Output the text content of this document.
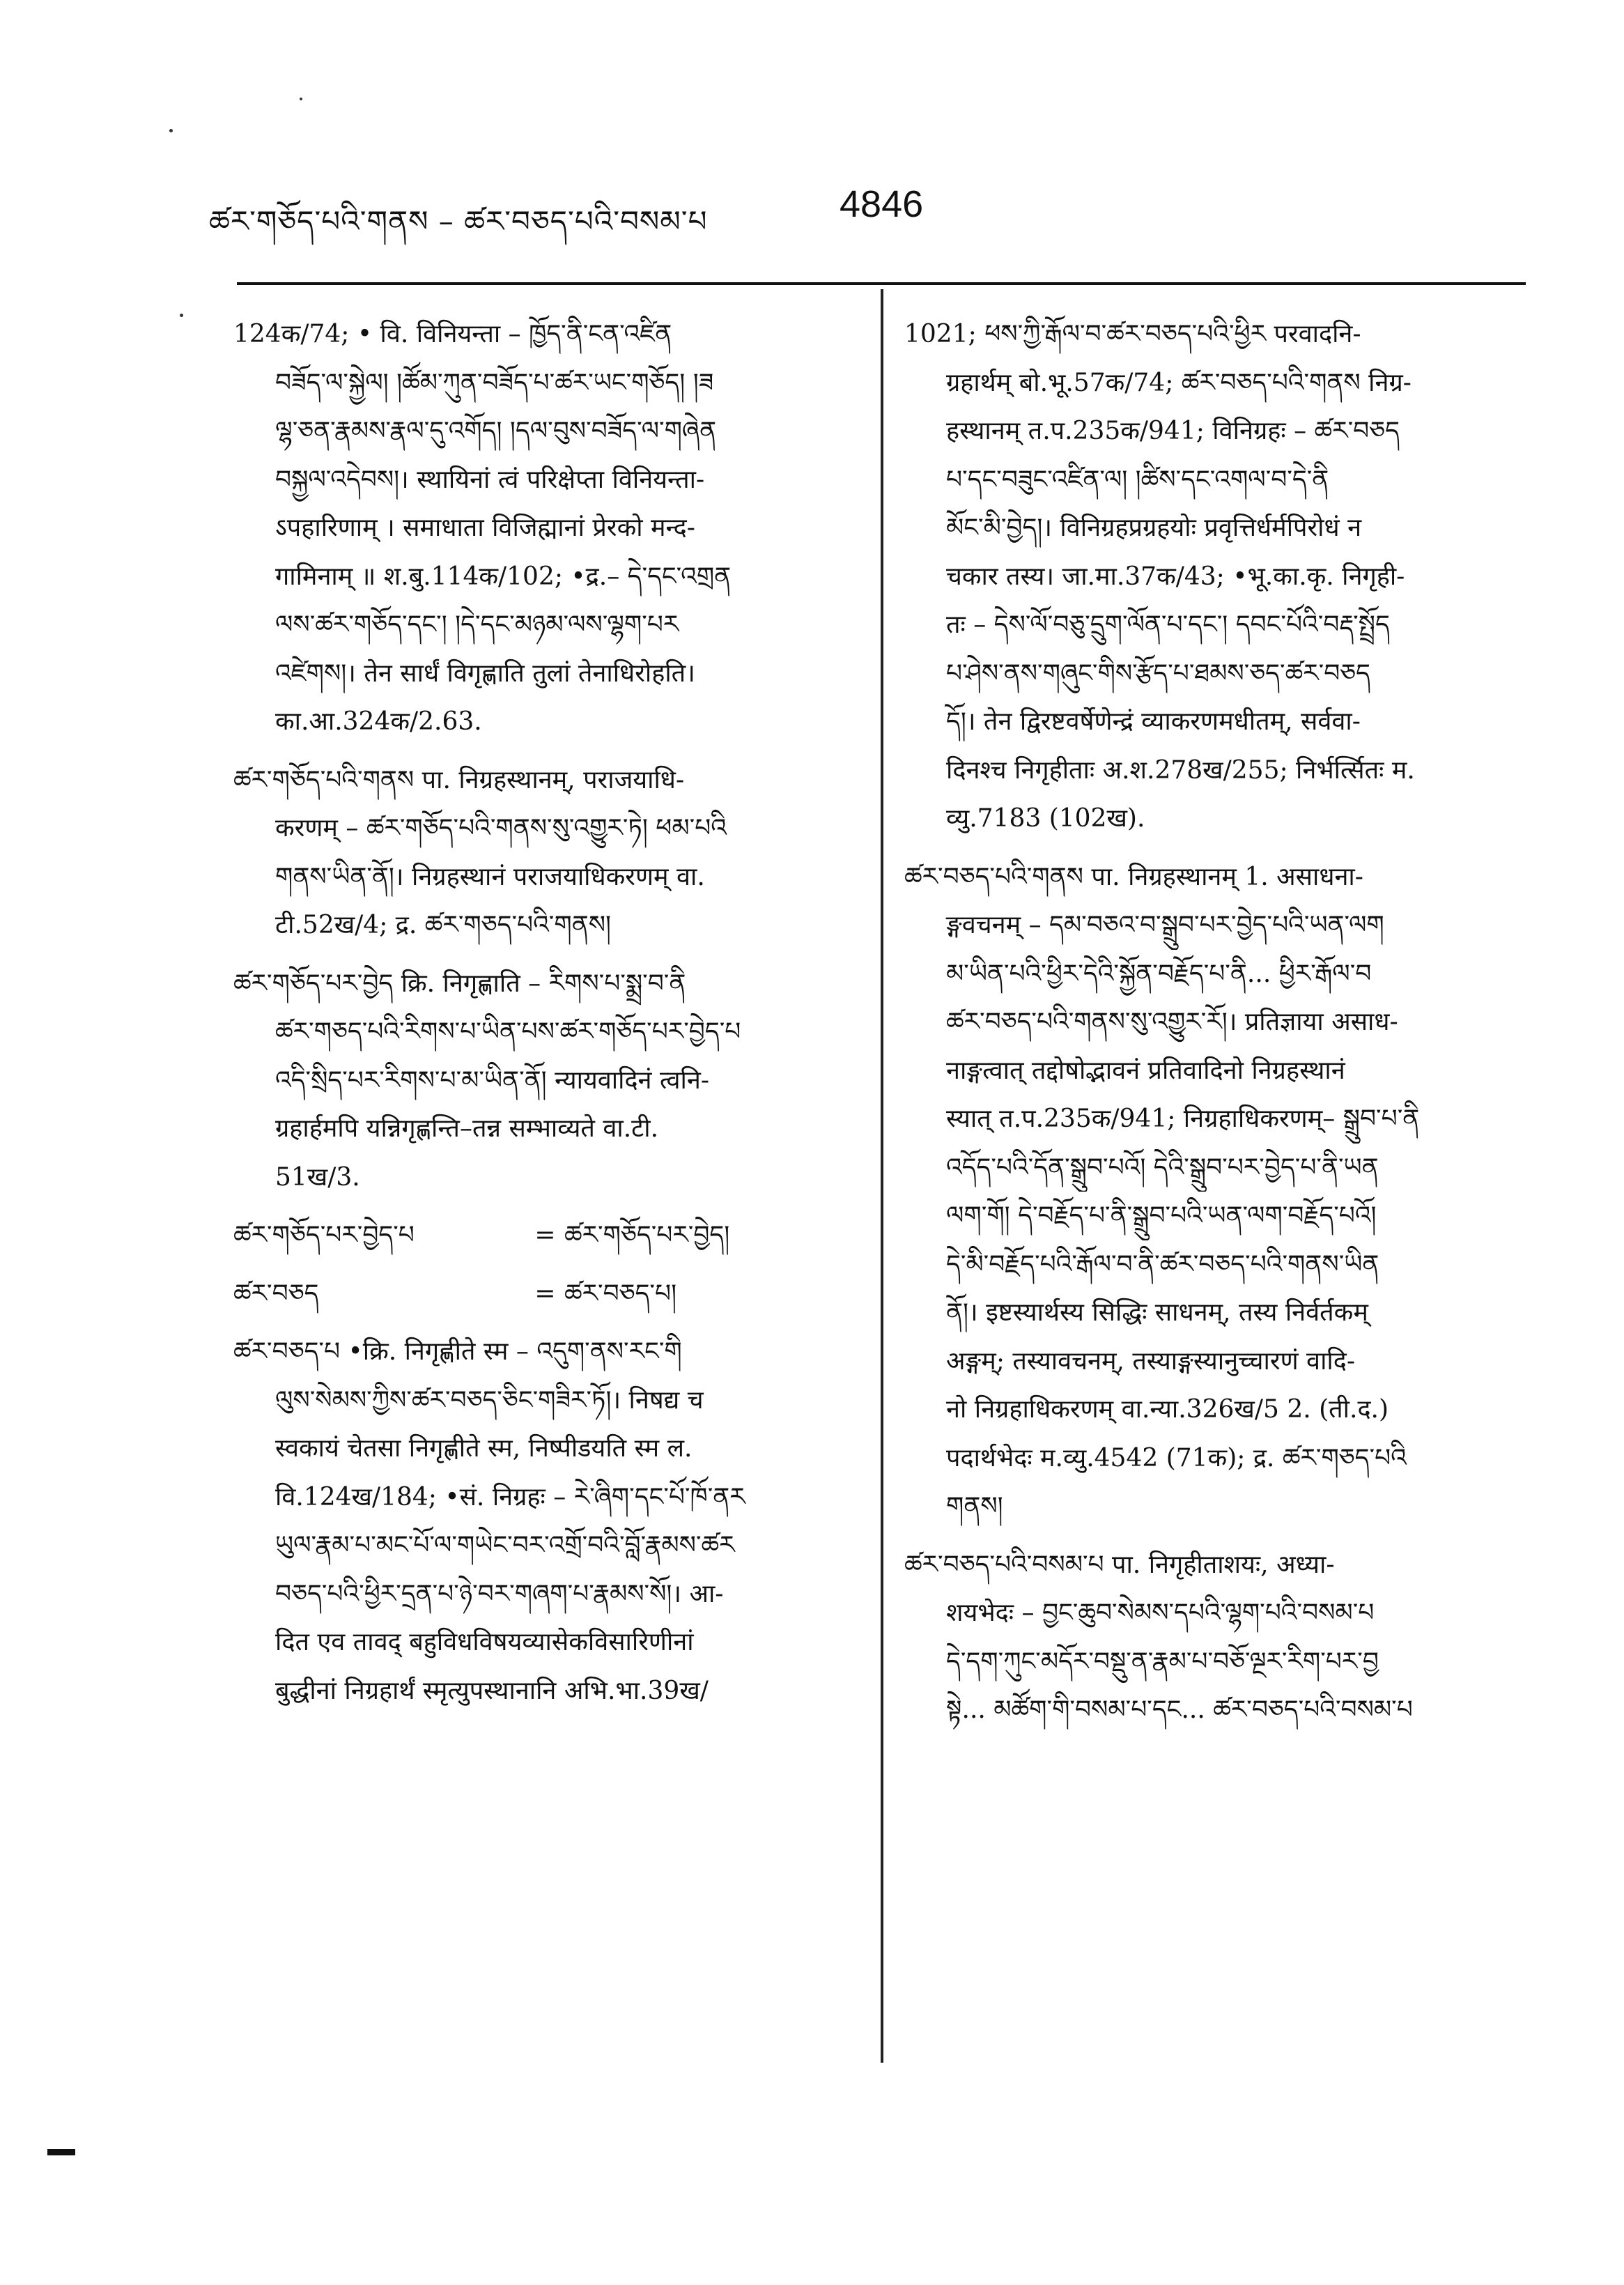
ཚར་གཅོད་པའི་གནས – ཚར་བཅད་པའི་བསམ་པ	4846
124क/74; • वि. विनियन्ता – ཁྱོད་ནི་ངན་འཛིན
བཟོད་ལ་སྐྱེལ། །ཚོམ་ཀུན་བཟོད་པ་ཚར་ཡང་གཅོད། །ཟ
ལྷ་ཅན་རྣམས་རྣལ་དུ་འགོད། །དལ་བུས་བཟོད་ལ་གཞེན
བསྐྱལ་འདེབས།। स्थायिनां त्वं परिक्षेप्ता विनियन्ता-
ऽपहारिणाम् । समाधाता विजिह्मानां प्रेरको मन्द-
गामिनाम् ॥ श.बु.114क/102; •द्र.– དེ་དང་འགྲན
ལས་ཚར་གཅོད་དང་། །དེ་དང་མཉམ་ལས་ལྷག་པར
འཛེགས།। तेन सार्धं विगृह्णाति तुलां तेनाधिरोहति।
का.आ.324क/2.63.
ཚར་གཅོད་པའི་གནས पा. निग्रहस्थानम्, पराजयाधि-
करणम् – ཚར་གཅོད་པའི་གནས་སུ་འགྱུར་ཏེ། ཕམ་པའི
གནས་ཡིན་ནོ།। निग्रहस्थानं पराजयाधिकरणम् वा.
टी.52ख/4; द्र. ཚར་གཅད་པའི་གནས།
ཚར་གཅོད་པར་བྱེད क्रि. निगृह्णाति – རིགས་པ་སྨྲ་བ་ནི
ཚར་གཅད་པའི་རིགས་པ་ཡིན་པས་ཚར་གཅོད་པར་བྱེད་པ
འདི་སྲིད་པར་རིགས་པ་མ་ཡིན་ནོ། न्यायवादिनं त्वनि-
ग्रहार्हमपि यन्निगृह्णन्ति–तन्न सम्भाव्यते वा.टी.
51ख/3.
ཚར་གཅོད་པར་བྱེད་པ	= ཚར་གཅོད་པར་བྱེད།
ཚར་བཅད	= ཚར་བཅད་པ།
ཚར་བཅད་པ •क्रि. निगृह्णीते स्म – འདུག་ནས་རང་གི
ལུས་སེམས་ཀྱིས་ཚར་བཅད་ཅིང་གཟིར་ཏོ།। निषद्य च
स्वकायं चेतसा निगृह्णीते स्म, निष्पीडयति स्म ल.
वि.124ख/184; •सं. निग्रहः – རེ་ཞིག་དང་པོ་ཁོ་ནར
ཡུལ་རྣམ་པ་མང་པོ་ལ་གཡེང་བར་འགྲོ་བའི་བློ་རྣམས་ཚར
བཅད་པའི་ཕྱིར་དྲན་པ་ཉེ་བར་གཞག་པ་རྣམས་སོ།। आ-
दित एव तावद् बहुविधविषयव्यासेकविसारिणीनां
बुद्धीनां निग्रहार्थं स्मृत्युपस्थानानि अभि.भा.39ख/
1021; ཕས་ཀྱི་རྒོལ་བ་ཚར་བཅད་པའི་ཕྱིར परवादनि-
ग्रहार्थम् बो.भू.57क/74; ཚར་བཅད་པའི་གནས निग्र-
हस्थानम् त.प.235क/941; विनिग्रहः – ཚར་བཅད
པ་དང་བཟུང་འཛིན་ལ། །ཚིས་དང་འགལ་བ་དེ་ནི
མོང་མི་བྱེད།। विनिग्रहप्रग्रहयोः प्रवृत्तिर्धर्मपिरोधं न
चकार तस्य। जा.मा.37क/43; •भू.का.कृ. निगृही-
तः – དེས་ལོ་བཅུ་དྲུག་ལོན་པ་དང་། དབང་པོའི་བརྡ་སྤྲོད
པ་ཤེས་ནས་གཞུང་གིས་རྩོད་པ་ཐམས་ཅད་ཚར་བཅད
དོ།। तेन द्विरष्टवर्षेणेन्द्रं व्याकरणमधीतम्, सर्ववा-
दिनश्च निगृहीताः अ.श.278ख/255; निर्भर्त्सितः म.
व्यु.7183 (102ख).
ཚར་བཅད་པའི་གནས पा. निग्रहस्थानम् 1. असाधना-
ङ्गवचनम् – དམ་བཅའ་བ་སྒྲུབ་པར་བྱེད་པའི་ཡན་ལག
མ་ཡིན་པའི་ཕྱིར་དེའི་སྐྱོན་བརྗོད་པ་ནི... ཕྱིར་རྒོལ་བ
ཚར་བཅད་པའི་གནས་སུ་འགྱུར་རོ།। प्रतिज्ञाया असाध-
नाङ्गत्वात् तद्दोषोद्भावनं प्रतिवादिनो निग्रहस्थानं
स्यात् त.प.235क/941; निग्रहाधिकरणम्– སྒྲུབ་པ་ནི
འདོད་པའི་དོན་སྒྲུབ་པའོ། དེའི་སྒྲུབ་པར་བྱེད་པ་ནི་ཡན
ལག་གོ། དེ་བརྗོད་པ་ནི་སྒྲུབ་པའི་ཡན་ལག་བརྗོད་པའོ།
དེ་མི་བརྗོད་པའི་རྒོལ་བ་ནི་ཚར་བཅད་པའི་གནས་ཡིན
ནོ།। इष्टस्यार्थस्य सिद्धिः साधनम्, तस्य निर्वर्तकम्
अङ्गम्; तस्यावचनम्, तस्याङ्गस्यानुच्चारणं वादि-
नो निग्रहाधिकरणम् वा.न्या.326ख/5 2. (ती.द.)
पदार्थभेदः म.व्यु.4542 (71क); द्र. ཚར་གཅད་པའི
གནས།
ཚར་བཅད་པའི་བསམ་པ पा. निगृहीताशयः, अध्या-
शयभेदः – བྱང་ཆུབ་སེམས་དཔའི་ལྷག་པའི་བསམ་པ
དེ་དག་ཀུང་མདོར་བསྡུ་ན་རྣམ་པ་བཅོ་ལྔར་རིག་པར་བྱ
སྟེ... མཚོག་གི་བསམ་པ་དང... ཚར་བཅད་པའི་བསམ་པ
